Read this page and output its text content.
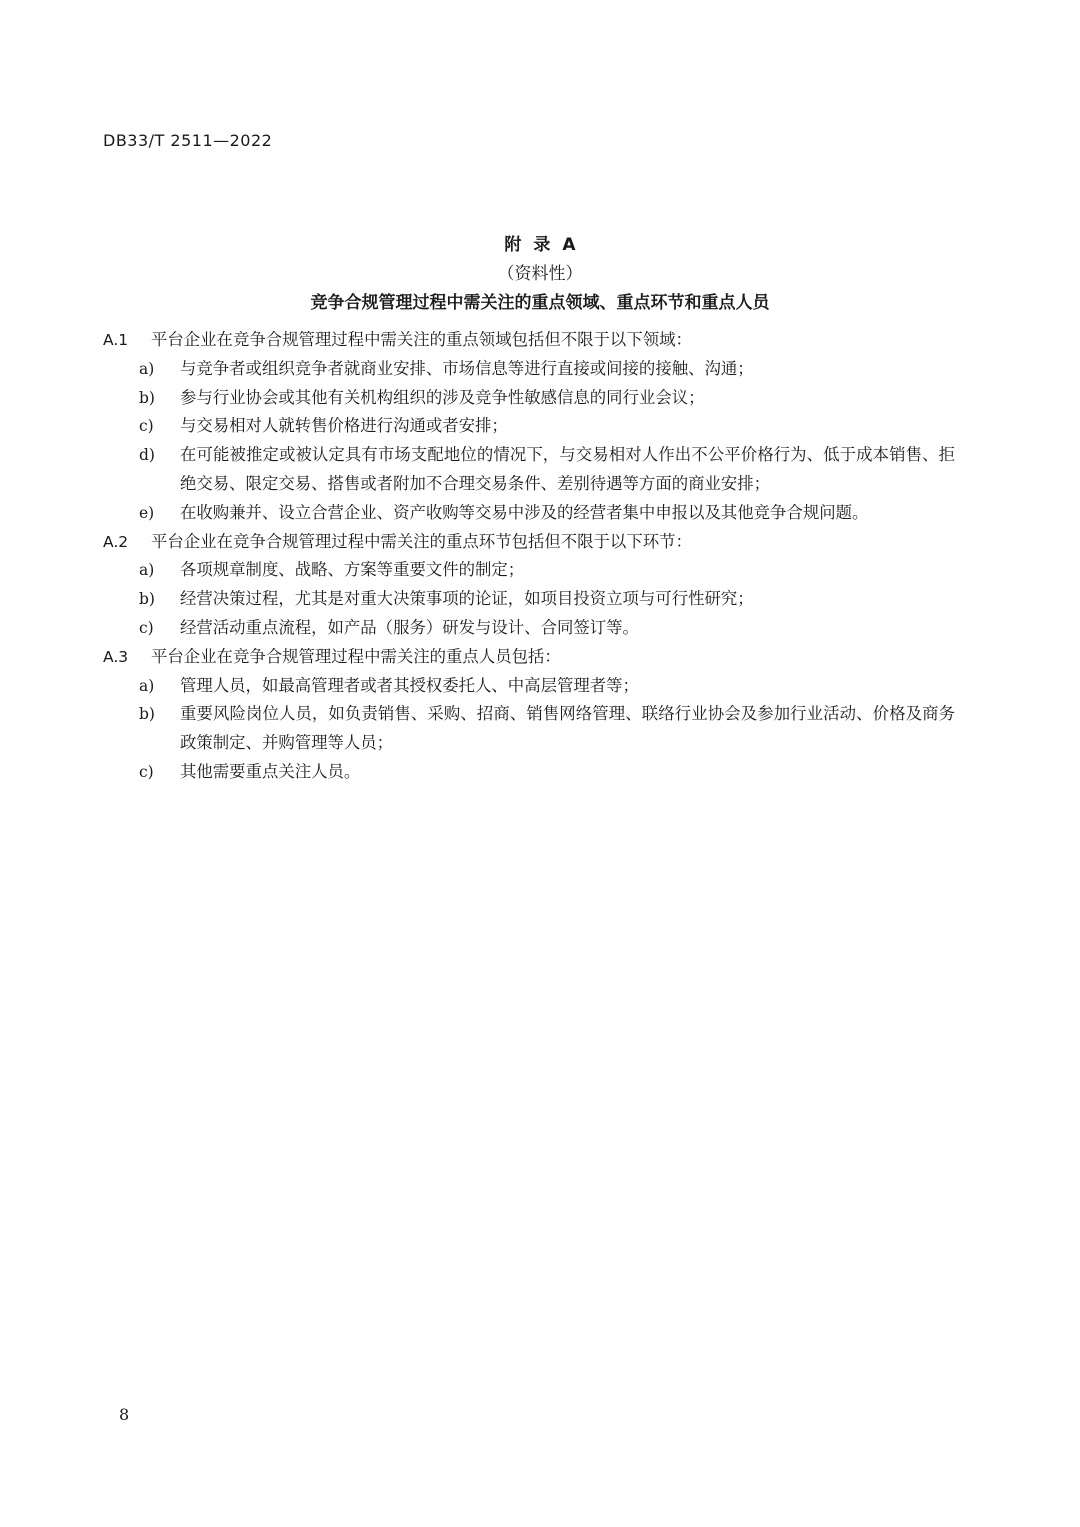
DB33/T 2511—2022
附 录 A
（资料性）
竞争合规管理过程中需关注的重点领域、重点环节和重点人员
A.1	平台企业在竞争合规管理过程中需关注的重点领域包括但不限于以下领域：
a)	与竞争者或组织竞争者就商业安排、市场信息等进行直接或间接的接触、沟通；
b)	参与行业协会或其他有关机构组织的涉及竞争性敏感信息的同行业会议；
c)	与交易相对人就转售价格进行沟通或者安排；
d)	在可能被推定或被认定具有市场支配地位的情况下，与交易相对人作出不公平价格行为、低于成本销售、拒绝交易、限定交易、搭售或者附加不合理交易条件、差别待遇等方面的商业安排；
e)	在收购兼并、设立合营企业、资产收购等交易中涉及的经营者集中申报以及其他竞争合规问题。
A.2	平台企业在竞争合规管理过程中需关注的重点环节包括但不限于以下环节：
a)	各项规章制度、战略、方案等重要文件的制定；
b)	经营决策过程，尤其是对重大决策事项的论证，如项目投资立项与可行性研究；
c)	经营活动重点流程，如产品（服务）研发与设计、合同签订等。
A.3	平台企业在竞争合规管理过程中需关注的重点人员包括：
a)	管理人员，如最高管理者或者其授权委托人、中高层管理者等；
b)	重要风险岗位人员，如负责销售、采购、招商、销售网络管理、联络行业协会及参加行业活动、价格及商务政策制定、并购管理等人员；
c)	其他需要重点关注人员。
8
